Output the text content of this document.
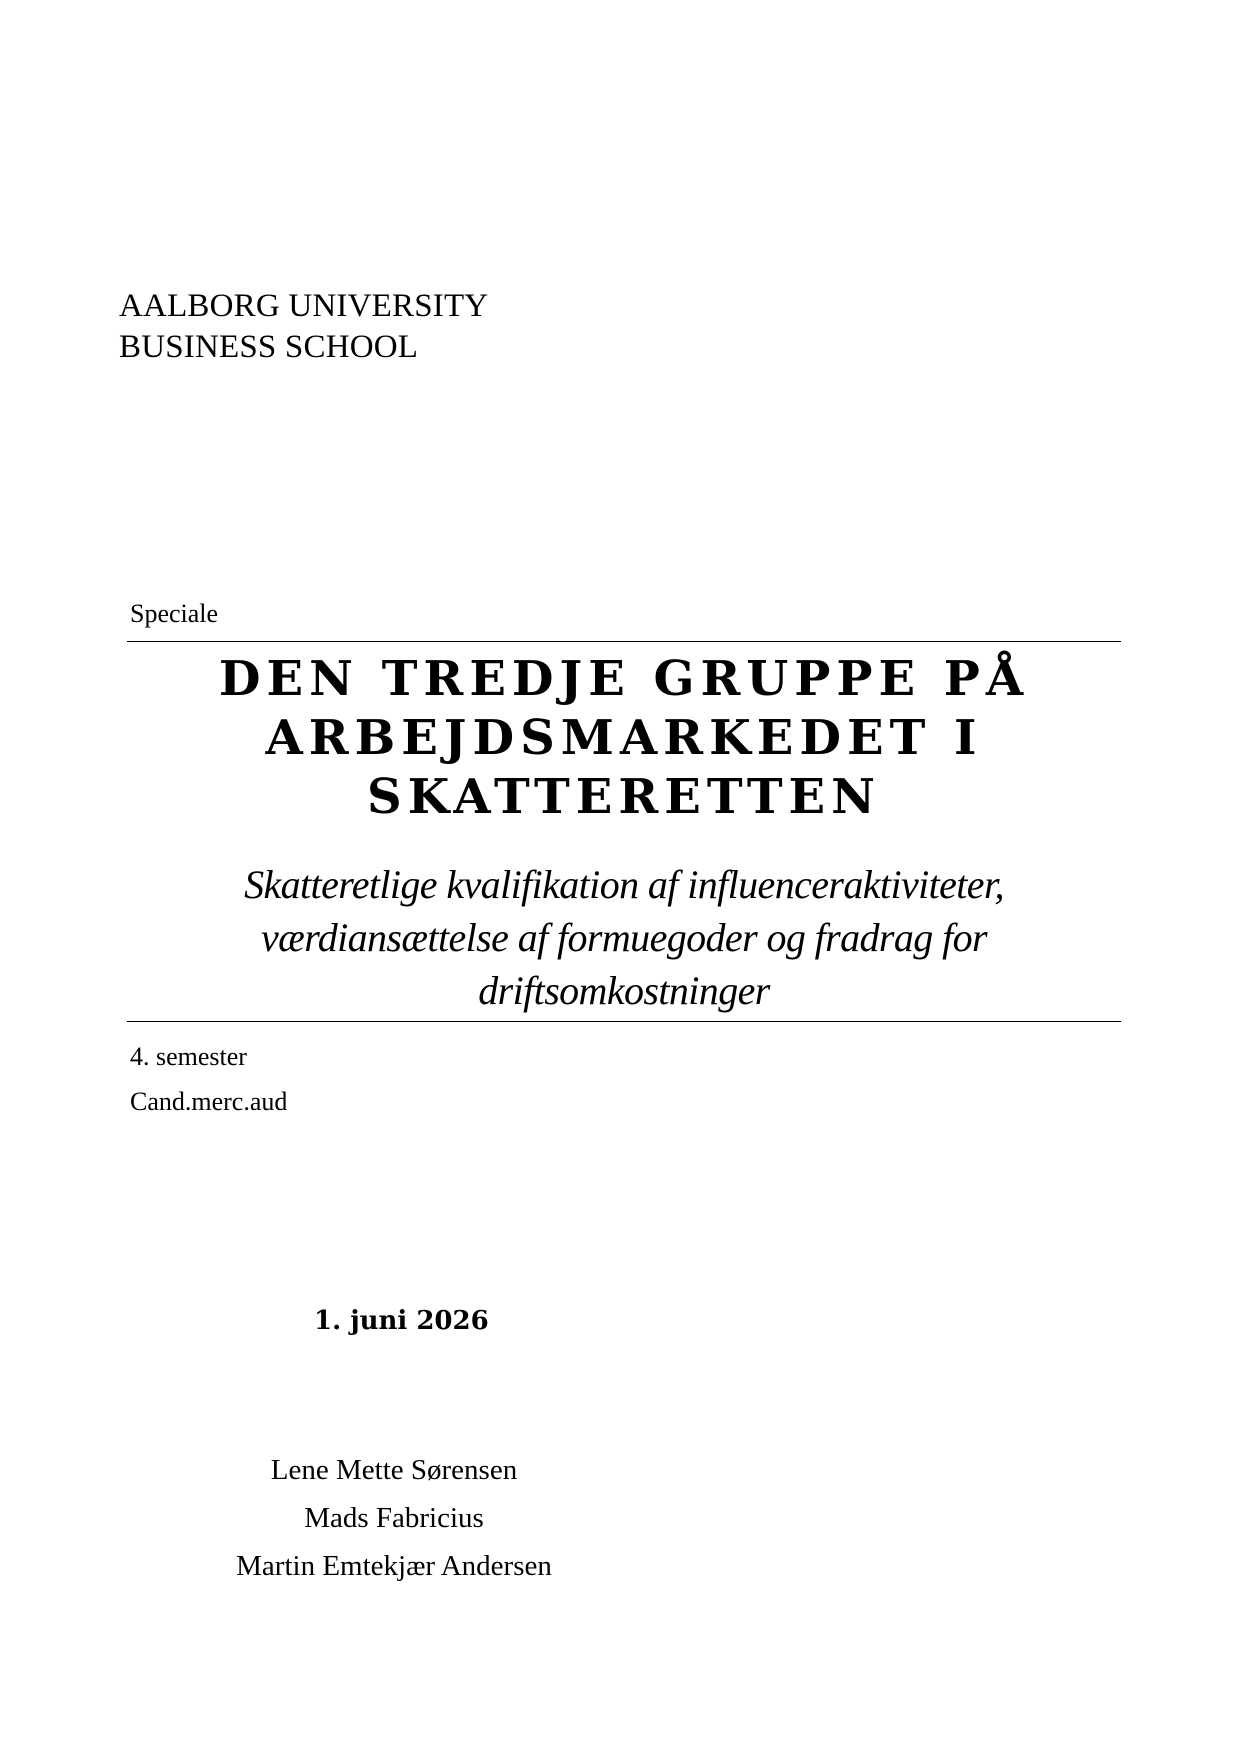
AALBORG UNIVERSITY
BUSINESS SCHOOL
Speciale
DEN TREDJE GRUPPE PÅ
ARBEJDSMARKEDET I
SKATTERETTEN
Skatteretlige kvalifikation af influenceraktiviteter,
værdiansættelse af formuegoder og fradrag for
driftsomkostninger
4. semester
Cand.merc.aud
1. juni 2026
Lene Mette Sørensen
Mads Fabricius
Martin Emtekjær Andersen
